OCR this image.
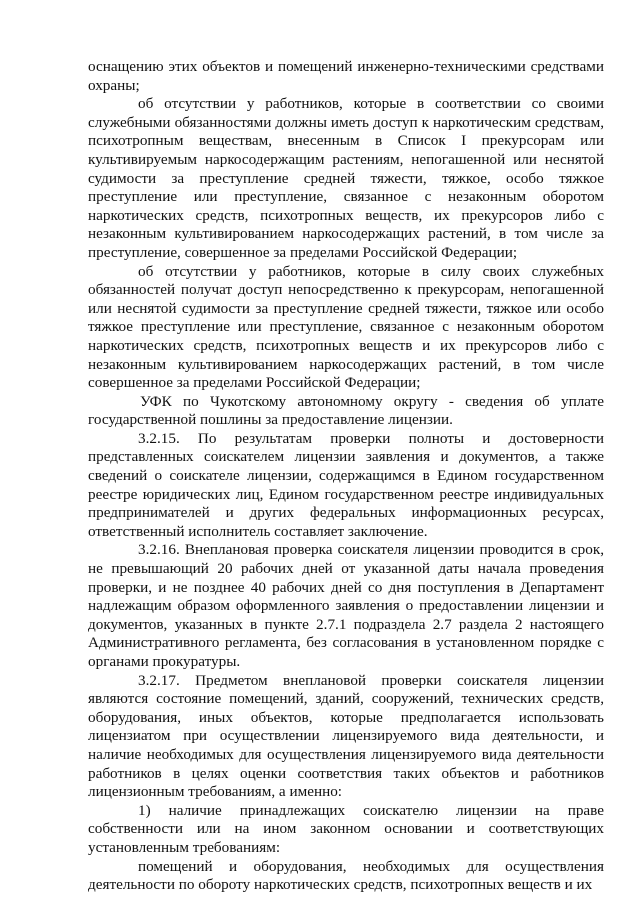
оснащению этих объектов и помещений инженерно-техническими средствами охраны;

об отсутствии у работников, которые в соответствии со своими служебными обязанностями должны иметь доступ к наркотическим средствам, психотропным веществам, внесенным в Список I прекурсорам или культивируемым наркосодержащим растениям, непогашенной или неснятой судимости за преступление средней тяжести, тяжкое, особо тяжкое преступление или преступление, связанное с незаконным оборотом наркотических средств, психотропных веществ, их прекурсоров либо с незаконным культивированием наркосодержащих растений, в том числе за преступление, совершенное за пределами Российской Федерации;

об отсутствии у работников, которые в силу своих служебных обязанностей получат доступ непосредственно к прекурсорам, непогашенной или неснятой судимости за преступление средней тяжести, тяжкое или особо тяжкое преступление или преступление, связанное с незаконным оборотом наркотических средств, психотропных веществ и их прекурсоров либо с незаконным культивированием наркосодержащих растений, в том числе совершенное за пределами Российской Федерации;

УФК по Чукотскому автономному округу - сведения об уплате государственной пошлины за предоставление лицензии.

3.2.15. По результатам проверки полноты и достоверности представленных соискателем лицензии заявления и документов, а также сведений о соискателе лицензии, содержащимся в Едином государственном реестре юридических лиц, Едином государственном реестре индивидуальных предпринимателей и других федеральных информационных ресурсах, ответственный исполнитель составляет заключение.

3.2.16. Внеплановая проверка соискателя лицензии проводится в срок, не превышающий 20 рабочих дней от указанной даты начала проведения проверки, и не позднее 40 рабочих дней со дня поступления в Департамент надлежащим образом оформленного заявления о предоставлении лицензии и документов, указанных в пункте 2.7.1 подраздела 2.7 раздела 2 настоящего Административного регламента, без согласования в установленном порядке с органами прокуратуры.

3.2.17. Предметом внеплановой проверки соискателя лицензии являются состояние помещений, зданий, сооружений, технических средств, оборудования, иных объектов, которые предполагается использовать лицензиатом при осуществлении лицензируемого вида деятельности, и наличие необходимых для осуществления лицензируемого вида деятельности работников в целях оценки соответствия таких объектов и работников лицензионным требованиям, а именно:

1) наличие принадлежащих соискателю лицензии на праве собственности или на ином законном основании и соответствующих установленным требованиям:

помещений и оборудования, необходимых для осуществления деятельности по обороту наркотических средств, психотропных веществ и их
